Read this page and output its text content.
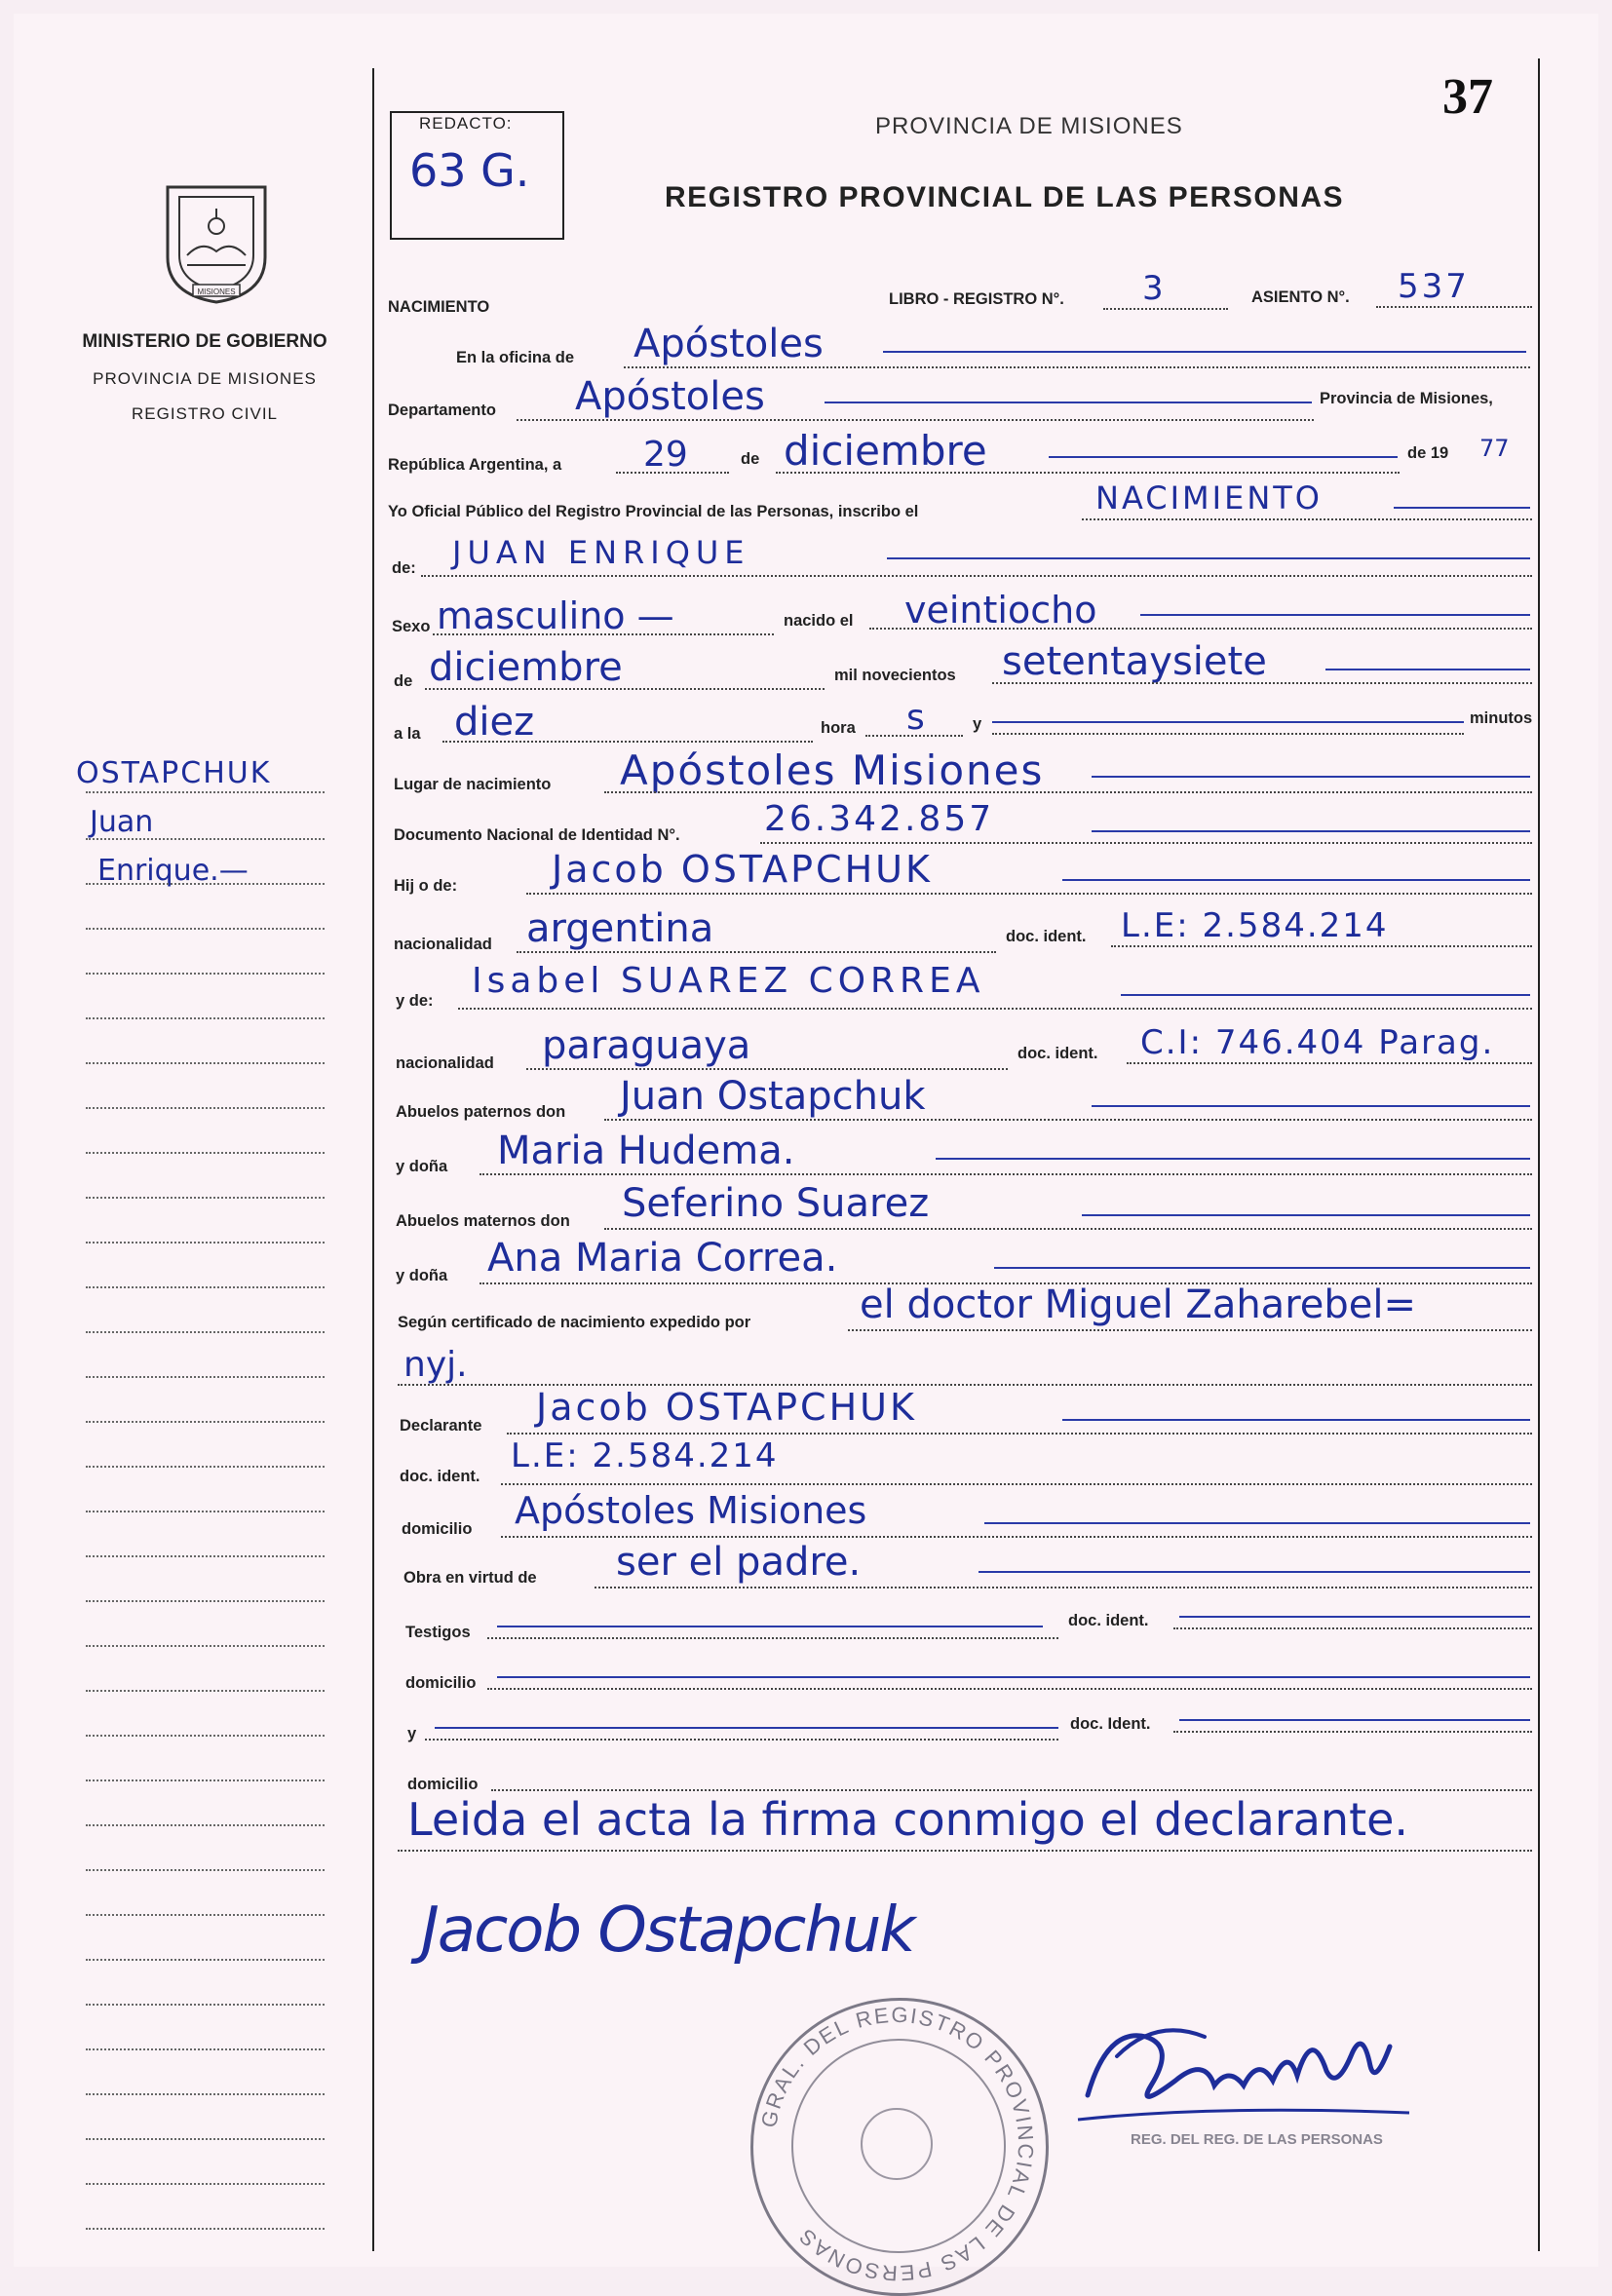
37
REDACTO:
63 G.
PROVINCIA DE MISIONES
REGISTRO PROVINCIAL DE LAS PERSONAS
MISIONES
MINISTERIO DE GOBIERNO
PROVINCIA DE MISIONES
REGISTRO CIVIL
OSTAPCHUK
Juan
Enrique.—
NACIMIENTO	LIBRO - REGISTRO N°. 3	ASIENTO N°. 537
En la oficina de Apóstoles
Departamento Apóstoles	Provincia de Misiones,
República Argentina, a 29	de diciembre	de 19 77
Yo Oficial Público del Registro Provincial de las Personas, inscribo el	NACIMIENTO
de: JUAN ENRIQUE
Sexo masculino —	nacido el veintiocho
de diciembre	mil novecientos setentaysiete
a la diez	hora s	y	minutos
Lugar de nacimiento Apóstoles Misiones
Documento Nacional de Identidad N°. 26.342.857
Hij o de:	Jacob OSTAPCHUK
nacionalidad argentina	doc. ident. L.E: 2.584.214
y de: Isabel SUAREZ CORREA
nacionalidad paraguaya	doc. ident. C.I: 746.404 Parag.
Abuelos paternos don Juan Ostapchuk
y doña Maria Hudema.
Abuelos maternos don Seferino Suarez
y doña Ana Maria Correa.
Según certificado de nacimiento expedido por	el doctor Miguel Zaharebel=
nyj.
Declarante Jacob OSTAPCHUK
doc. ident.
L.E: 2.584.214
domicilio Apóstoles Misiones
Obra en virtud de ser el padre.
Testigos
doc. ident.
domicilio
y
doc. Ident.
domicilio
Leida el acta la firma conmigo el declarante.
Jacob Ostapchuk
REG. DEL REG. DE LAS PERSONAS
GRAL. DEL REGISTRO PROVINCIAL DE LAS PERSONAS
